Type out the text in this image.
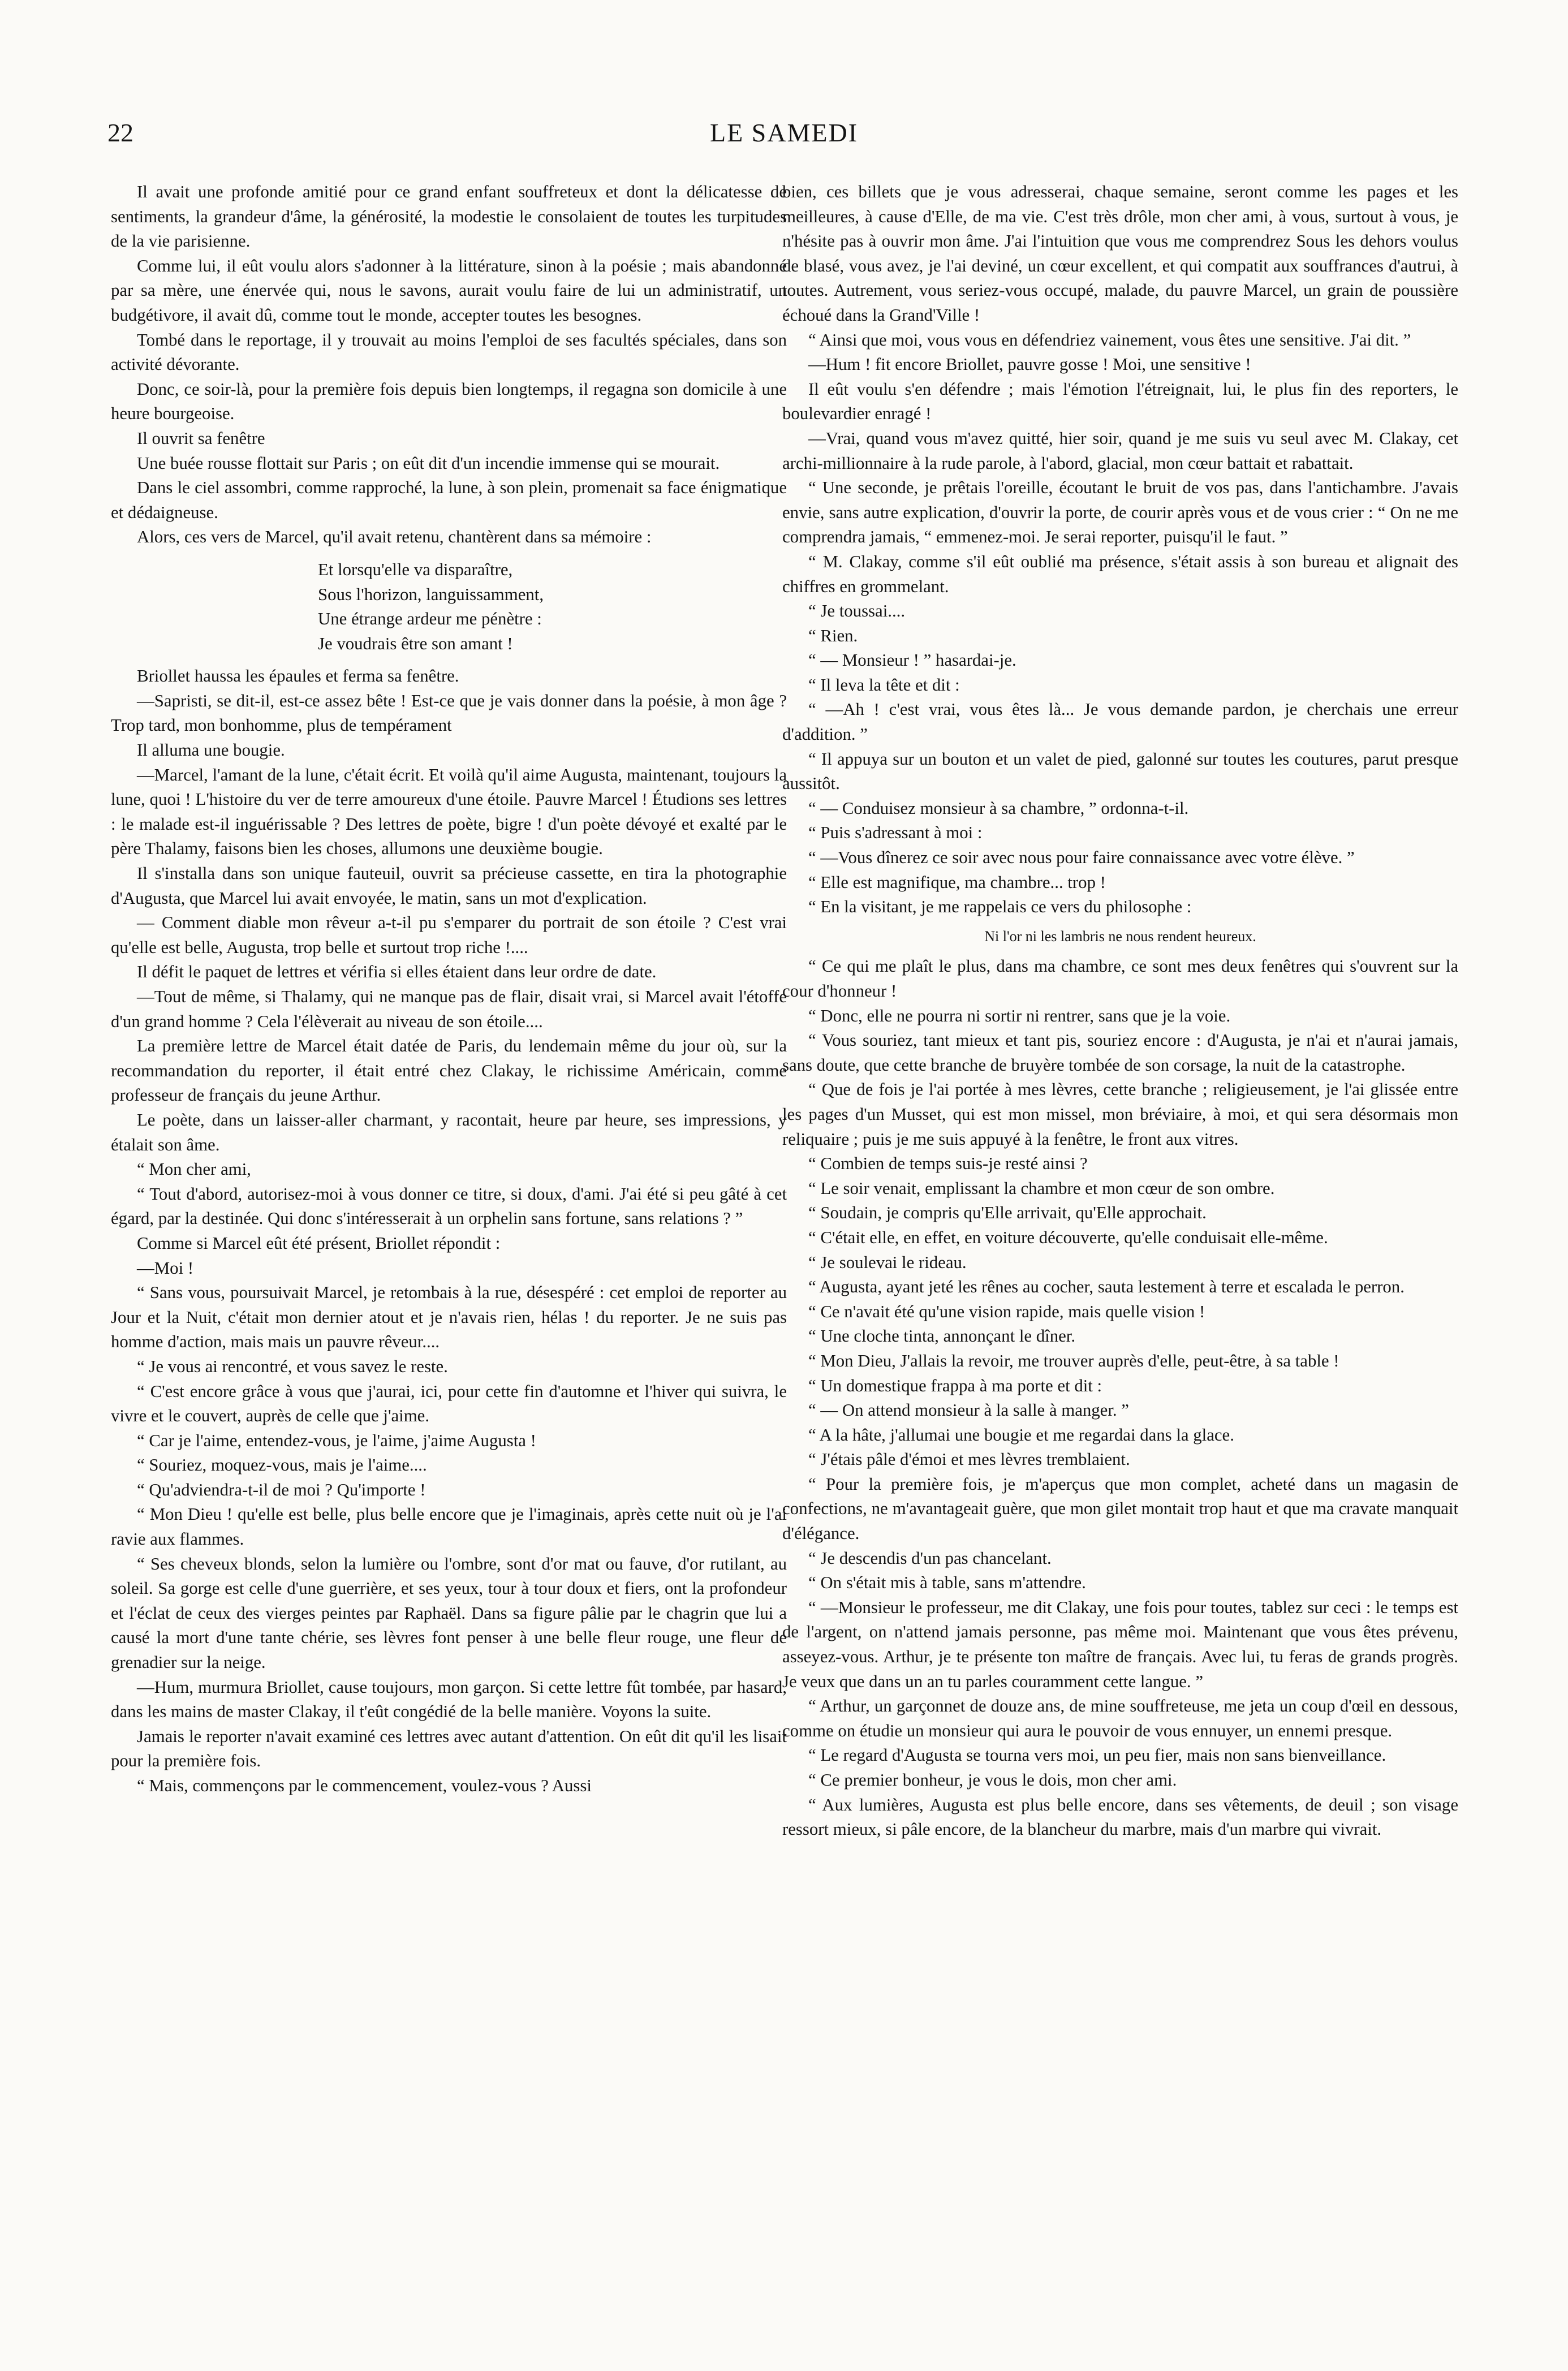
22	LE SAMEDI

Il avait une profonde amitié pour ce grand enfant souffreteux et dont la délicatesse de sentiments, la grandeur d'âme, la générosité, la modestie le consolaient de toutes les turpitudes de la vie parisienne.

Comme lui, il eût voulu alors s'adonner à la littérature, sinon à la poésie ; mais abandonné par sa mère, une énervée qui, nous le savons, aurait voulu faire de lui un administratif, un budgétivore, il avait dû, comme tout le monde, accepter toutes les besognes.

Tombé dans le reportage, il y trouvait au moins l'emploi de ses facultés spéciales, dans son activité dévorante.

Donc, ce soir-là, pour la première fois depuis bien longtemps, il regagna son domicile à une heure bourgeoise.

Il ouvrit sa fenêtre

Une buée rousse flottait sur Paris ; on eût dit d'un incendie immense qui se mourait.

Dans le ciel assombri, comme rapproché, la lune, à son plein, promenait sa face énigmatique et dédaigneuse.

Alors, ces vers de Marcel, qu'il avait retenu, chantèrent dans sa mémoire :

Et lorsqu'elle va disparaître,
Sous l'horizon, languissamment,
Une étrange ardeur me pénètre :
Je voudrais être son amant !

Briollet haussa les épaules et ferma sa fenêtre.

—Sapristi, se dit-il, est-ce assez bête ! Est-ce que je vais donner dans la poésie, à mon âge ? Trop tard, mon bonhomme, plus de tempérament

Il alluma une bougie.

—Marcel, l'amant de la lune, c'était écrit. Et voilà qu'il aime Augusta, maintenant, toujours la lune, quoi ! L'histoire du ver de terre amoureux d'une étoile. Pauvre Marcel ! Étudions ses lettres : le malade est-il inguérissable ? Des lettres de poète, bigre ! d'un poète dévoyé et exalté par le père Thalamy, faisons bien les choses, allumons une deuxième bougie.

Il s'installa dans son unique fauteuil, ouvrit sa précieuse cassette, en tira la photographie d'Augusta, que Marcel lui avait envoyée, le matin, sans un mot d'explication.

— Comment diable mon rêveur a-t-il pu s'emparer du portrait de son étoile ? C'est vrai qu'elle est belle, Augusta, trop belle et surtout trop riche !....

Il défit le paquet de lettres et vérifia si elles étaient dans leur ordre de date.

—Tout de même, si Thalamy, qui ne manque pas de flair, disait vrai, si Marcel avait l'étoffe d'un grand homme ? Cela l'élèverait au niveau de son étoile....

La première lettre de Marcel était datée de Paris, du lendemain même du jour où, sur la recommandation du reporter, il était entré chez Clakay, le richissime Américain, comme professeur de français du jeune Arthur.

Le poète, dans un laisser-aller charmant, y racontait, heure par heure, ses impressions, y étalait son âme.

“ Mon cher ami,

“ Tout d'abord, autorisez-moi à vous donner ce titre, si doux, d'ami. J'ai été si peu gâté à cet égard, par la destinée. Qui donc s'intéresserait à un orphelin sans fortune, sans relations ? ”

Comme si Marcel eût été présent, Briollet répondit :

—Moi !

“ Sans vous, poursuivait Marcel, je retombais à la rue, désespéré : cet emploi de reporter au Jour et la Nuit, c'était mon dernier atout et je n'avais rien, hélas ! du reporter. Je ne suis pas homme d'action, mais mais un pauvre rêveur....

“ Je vous ai rencontré, et vous savez le reste.

“ C'est encore grâce à vous que j'aurai, ici, pour cette fin d'automne et l'hiver qui suivra, le vivre et le couvert, auprès de celle que j'aime.

“ Car je l'aime, entendez-vous, je l'aime, j'aime Augusta !

“ Souriez, moquez-vous, mais je l'aime....

“ Qu'adviendra-t-il de moi ? Qu'importe !

“ Mon Dieu ! qu'elle est belle, plus belle encore que je l'imaginais, après cette nuit où je l'ai ravie aux flammes.

“ Ses cheveux blonds, selon la lumière ou l'ombre, sont d'or mat ou fauve, d'or rutilant, au soleil. Sa gorge est celle d'une guerrière, et ses yeux, tour à tour doux et fiers, ont la profondeur et l'éclat de ceux des vierges peintes par Raphaël. Dans sa figure pâlie par le chagrin que lui a causé la mort d'une tante chérie, ses lèvres font penser à une belle fleur rouge, une fleur de grenadier sur la neige.

—Hum, murmura Briollet, cause toujours, mon garçon. Si cette lettre fût tombée, par hasard, dans les mains de master Clakay, il t'eût congédié de la belle manière. Voyons la suite.

Jamais le reporter n'avait examiné ces lettres avec autant d'attention. On eût dit qu'il les lisait pour la première fois.

“ Mais, commençons par le commencement, voulez-vous ? Aussi

bien, ces billets que je vous adresserai, chaque semaine, seront comme les pages et les meilleures, à cause d'Elle, de ma vie. C'est très drôle, mon cher ami, à vous, surtout à vous, je n'hésite pas à ouvrir mon âme. J'ai l'intuition que vous me comprendrez Sous les dehors voulus de blasé, vous avez, je l'ai deviné, un cœur excellent, et qui compatit aux souffrances d'autrui, à toutes. Autrement, vous seriez-vous occupé, malade, du pauvre Marcel, un grain de poussière échoué dans la Grand'Ville !

“ Ainsi que moi, vous vous en défendriez vainement, vous êtes une sensitive. J'ai dit. ”

—Hum ! fit encore Briollet, pauvre gosse ! Moi, une sensitive !

Il eût voulu s'en défendre ; mais l'émotion l'étreignait, lui, le plus fin des reporters, le boulevardier enragé !

—Vrai, quand vous m'avez quitté, hier soir, quand je me suis vu seul avec M. Clakay, cet archi-millionnaire à la rude parole, à l'abord, glacial, mon cœur battait et rabattait.

“ Une seconde, je prêtais l'oreille, écoutant le bruit de vos pas, dans l'antichambre. J'avais envie, sans autre explication, d'ouvrir la porte, de courir après vous et de vous crier : “ On ne me comprendra jamais, “ emmenez-moi. Je serai reporter, puisqu'il le faut. ”

“ M. Clakay, comme s'il eût oublié ma présence, s'était assis à son bureau et alignait des chiffres en grommelant.

“ Je toussai....

“ Rien.

“ — Monsieur ! ” hasardai-je.

“ Il leva la tête et dit :

“ —Ah ! c'est vrai, vous êtes là... Je vous demande pardon, je cherchais une erreur d'addition. ”

“ Il appuya sur un bouton et un valet de pied, galonné sur toutes les coutures, parut presque aussitôt.

“ — Conduisez monsieur à sa chambre, ” ordonna-t-il.

“ Puis s'adressant à moi :

“ —Vous dînerez ce soir avec nous pour faire connaissance avec votre élève. ”

“ Elle est magnifique, ma chambre... trop !

“ En la visitant, je me rappelais ce vers du philosophe :

Ni l'or ni les lambris ne nous rendent heureux.

“ Ce qui me plaît le plus, dans ma chambre, ce sont mes deux fenêtres qui s'ouvrent sur la cour d'honneur !

“ Donc, elle ne pourra ni sortir ni rentrer, sans que je la voie.

“ Vous souriez, tant mieux et tant pis, souriez encore : d'Augusta, je n'ai et n'aurai jamais, sans doute, que cette branche de bruyère tombée de son corsage, la nuit de la catastrophe.

“ Que de fois je l'ai portée à mes lèvres, cette branche ; religieusement, je l'ai glissée entre les pages d'un Musset, qui est mon missel, mon bréviaire, à moi, et qui sera désormais mon reliquaire ; puis je me suis appuyé à la fenêtre, le front aux vitres.

“ Combien de temps suis-je resté ainsi ?

“ Le soir venait, emplissant la chambre et mon cœur de son ombre.

“ Soudain, je compris qu'Elle arrivait, qu'Elle approchait.

“ C'était elle, en effet, en voiture découverte, qu'elle conduisait elle-même.

“ Je soulevai le rideau.

“ Augusta, ayant jeté les rênes au cocher, sauta lestement à terre et escalada le perron.

“ Ce n'avait été qu'une vision rapide, mais quelle vision !

“ Une cloche tinta, annonçant le dîner.

“ Mon Dieu, J'allais la revoir, me trouver auprès d'elle, peut-être, à sa table !

“ Un domestique frappa à ma porte et dit :

“ — On attend monsieur à la salle à manger. ”

“ A la hâte, j'allumai une bougie et me regardai dans la glace.

“ J'étais pâle d'émoi et mes lèvres tremblaient.

“ Pour la première fois, je m'aperçus que mon complet, acheté dans un magasin de confections, ne m'avantageait guère, que mon gilet montait trop haut et que ma cravate manquait d'élégance.

“ Je descendis d'un pas chancelant.

“ On s'était mis à table, sans m'attendre.

“ —Monsieur le professeur, me dit Clakay, une fois pour toutes, tablez sur ceci : le temps est de l'argent, on n'attend jamais personne, pas même moi. Maintenant que vous êtes prévenu, asseyez-vous. Arthur, je te présente ton maître de français. Avec lui, tu feras de grands progrès. Je veux que dans un an tu parles couramment cette langue. ”

“ Arthur, un garçonnet de douze ans, de mine souffreteuse, me jeta un coup d'œil en dessous, comme on étudie un monsieur qui aura le pouvoir de vous ennuyer, un ennemi presque.

“ Le regard d'Augusta se tourna vers moi, un peu fier, mais non sans bienveillance.

“ Ce premier bonheur, je vous le dois, mon cher ami.

“ Aux lumières, Augusta est plus belle encore, dans ses vêtements, de deuil ; son visage ressort mieux, si pâle encore, de la blancheur du marbre, mais d'un marbre qui vivrait.
